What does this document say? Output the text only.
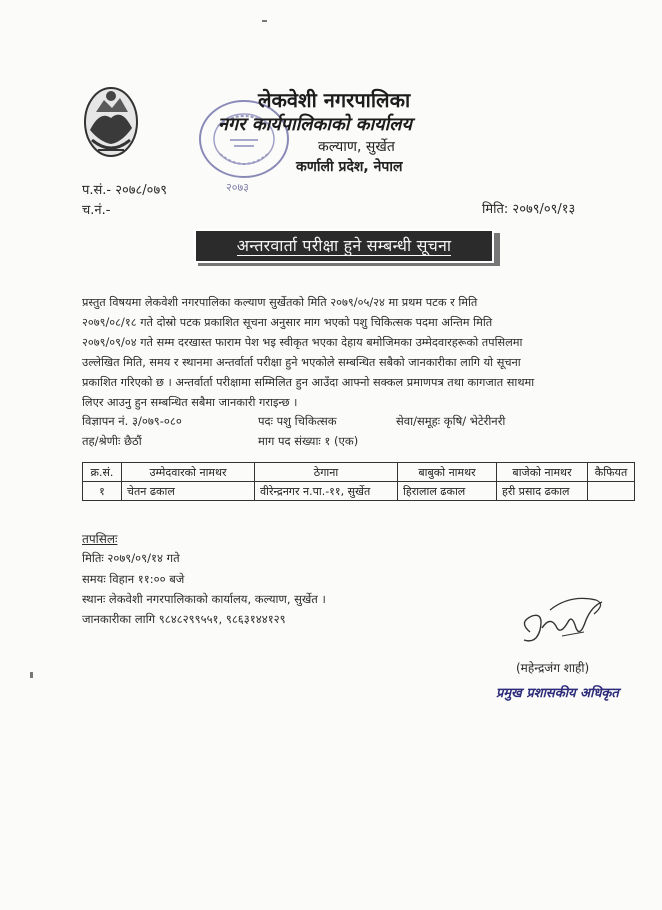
लेकवेशी नगरपालिका
नगर कार्यपालिकाको कार्यालय
कल्याण, सुर्खेत
कर्णाली प्रदेश, नेपाल
२०७३
प.सं.- २०७८/०७९
च.नं.-	मिति: २०७९/०९/१३
अन्तरवार्ता परीक्षा हुने सम्बन्धी सूचना
प्रस्तुत विषयमा लेकवेशी नगरपालिका कल्याण सुर्खेतको मिति २०७९/०५/२४ मा प्रथम पटक र मिति
२०७९/०८/१८ गते दोस्रो पटक प्रकाशित सूचना अनुसार माग भएको पशु चिकित्सक पदमा अन्तिम मिति
२०७९/०९/०४ गते सम्म दरखास्त फाराम पेश भइ स्वीकृत भएका देहाय बमोजिमका उम्मेदवारहरूको तपसिलमा
उल्लेखित मिति, समय र स्थानमा अन्तर्वार्ता परीक्षा हुने भएकोले सम्बन्धित सबैको जानकारीका लागि यो सूचना
प्रकाशित गरिएको छ । अन्तर्वार्ता परीक्षामा सम्मिलित हुन आउँदा आफ्नो सक्कल प्रमाणपत्र तथा कागजात साथमा
लिएर आउनु हुन सम्बन्धित सबैमा जानकारी गराइन्छ ।
विज्ञापन नं. ३/०७९-०८०	पदः पशु चिकित्सक	सेवा/समूहः कृषि/ भेटेरीनरी
तह/श्रेणीः छैठौं	माग पद संख्याः १ (एक)
क्र.सं.	उम्मेदवारको नामथर	ठेगाना	बाबुको नामथर	बाजेको नामथर	कैफियत
१	चेतन ढकाल	वीरेन्द्रनगर न.पा.-११, सुर्खेत	हिरालाल ढकाल	हरी प्रसाद ढकाल	
तपसिलः
मितिः २०७९/०९/१४ गते
समयः विहान ११:०० बजे
स्थानः लेकवेशी नगरपालिकाको कार्यालय, कल्याण, सुर्खेत ।
जानकारीका लागि ९८४८२९९५५१, ९८६३१४४१२९
(महेन्द्रजंग शाही)
प्रमुख प्रशासकीय अधिकृत
